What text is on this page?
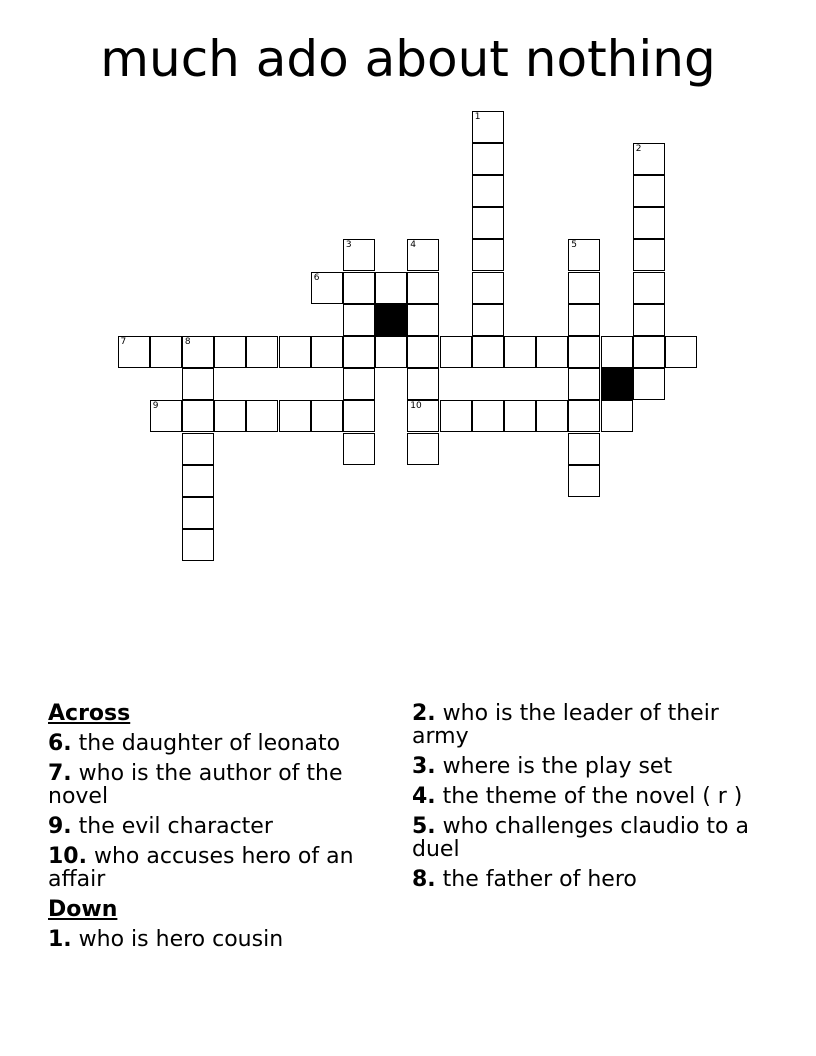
much ado about nothing
1
2
3	4	5
6
7	8
9	10
Across
6. the daughter of leonato
7. who is the author of the novel
9. the evil character
10. who accuses hero of an affair
Down
1. who is hero cousin
2. who is the leader of their army
3. where is the play set
4. the theme of the novel ( r )
5. who challenges claudio to a duel
8. the father of hero
